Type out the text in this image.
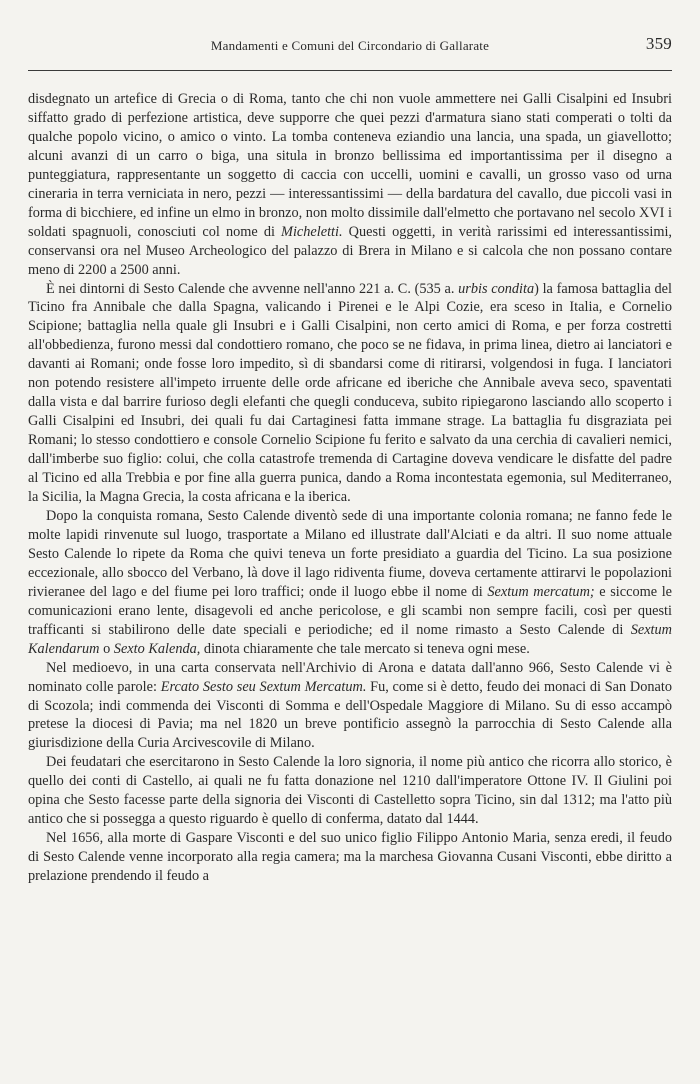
Mandamenti e Comuni del Circondario di Gallarate	359

disdegnato un artefice di Grecia o di Roma, tanto che chi non vuole ammettere nei Galli Cisalpini ed Insubri siffatto grado di perfezione artistica, deve supporre che quei pezzi d'armatura siano stati comperati o tolti da qualche popolo vicino, o amico o vinto. La tomba conteneva eziandio una lancia, una spada, un giavellotto; alcuni avanzi di un carro o biga, una situla in bronzo bellissima ed importantissima per il disegno a punteggiatura, rappresentante un soggetto di caccia con uccelli, uomini e cavalli, un grosso vaso od urna cineraria in terra verniciata in nero, pezzi — interessantissimi — della bardatura del cavallo, due piccoli vasi in forma di bicchiere, ed infine un elmo in bronzo, non molto dissimile dall'elmetto che portavano nel secolo XVI i soldati spagnuoli, conosciuti col nome di Micheletti. Questi oggetti, in verità rarissimi ed interessantissimi, conservansi ora nel Museo Archeologico del palazzo di Brera in Milano e si calcola che non possano contare meno di 2200 a 2500 anni.

È nei dintorni di Sesto Calende che avvenne nell'anno 221 a. C. (535 a. urbis condita) la famosa battaglia del Ticino fra Annibale che dalla Spagna, valicando i Pirenei e le Alpi Cozie, era sceso in Italia, e Cornelio Scipione; battaglia nella quale gli Insubri e i Galli Cisalpini, non certo amici di Roma, e per forza costretti all'obbedienza, furono messi dal condottiero romano, che poco se ne fidava, in prima linea, dietro ai lanciatori e davanti ai Romani; onde fosse loro impedito, sì di sbandarsi come di ritirarsi, volgendosi in fuga. I lanciatori non potendo resistere all'impeto irruente delle orde africane ed iberiche che Annibale aveva seco, spaventati dalla vista e dal barrire furioso degli elefanti che quegli conduceva, subito ripiegarono lasciando allo scoperto i Galli Cisalpini ed Insubri, dei quali fu dai Cartaginesi fatta immane strage. La battaglia fu disgraziata pei Romani; lo stesso condottiero e console Cornelio Scipione fu ferito e salvato da una cerchia di cavalieri nemici, dall'imberbe suo figlio: colui, che colla catastrofe tremenda di Cartagine doveva vendicare le disfatte del padre al Ticino ed alla Trebbia e por fine alla guerra punica, dando a Roma incontestata egemonia, sul Mediterraneo, la Sicilia, la Magna Grecia, la costa africana e la iberica.

Dopo la conquista romana, Sesto Calende diventò sede di una importante colonia romana; ne fanno fede le molte lapidi rinvenute sul luogo, trasportate a Milano ed illustrate dall'Alciati e da altri. Il suo nome attuale Sesto Calende lo ripete da Roma che quivi teneva un forte presidiato a guardia del Ticino. La sua posizione eccezionale, allo sbocco del Verbano, là dove il lago ridiventa fiume, doveva certamente attirarvi le popolazioni rivieranee del lago e del fiume pei loro traffici; onde il luogo ebbe il nome di Sextum mercatum; e siccome le comunicazioni erano lente, disagevoli ed anche pericolose, e gli scambi non sempre facili, così per questi trafficanti si stabilirono delle date speciali e periodiche; ed il nome rimasto a Sesto Calende di Sextum Kalendarum o Sexto Kalenda, dinota chiaramente che tale mercato si teneva ogni mese.

Nel medioevo, in una carta conservata nell'Archivio di Arona e datata dall'anno 966, Sesto Calende vi è nominato colle parole: Ercato Sesto seu Sextum Mercatum. Fu, come si è detto, feudo dei monaci di San Donato di Scozola; indi commenda dei Visconti di Somma e dell'Ospedale Maggiore di Milano. Su di esso accampò pretese la diocesi di Pavia; ma nel 1820 un breve pontificio assegnò la parrocchia di Sesto Calende alla giurisdizione della Curia Arcivescovile di Milano.

Dei feudatari che esercitarono in Sesto Calende la loro signoria, il nome più antico che ricorra allo storico, è quello dei conti di Castello, ai quali ne fu fatta donazione nel 1210 dall'imperatore Ottone IV. Il Giulini poi opina che Sesto facesse parte della signoria dei Visconti di Castelletto sopra Ticino, sin dal 1312; ma l'atto più antico che si possegga a questo riguardo è quello di conferma, datato dal 1444.

Nel 1656, alla morte di Gaspare Visconti e del suo unico figlio Filippo Antonio Maria, senza eredi, il feudo di Sesto Calende venne incorporato alla regia camera; ma la marchesa Giovanna Cusani Visconti, ebbe diritto a prelazione prendendo il feudo a
